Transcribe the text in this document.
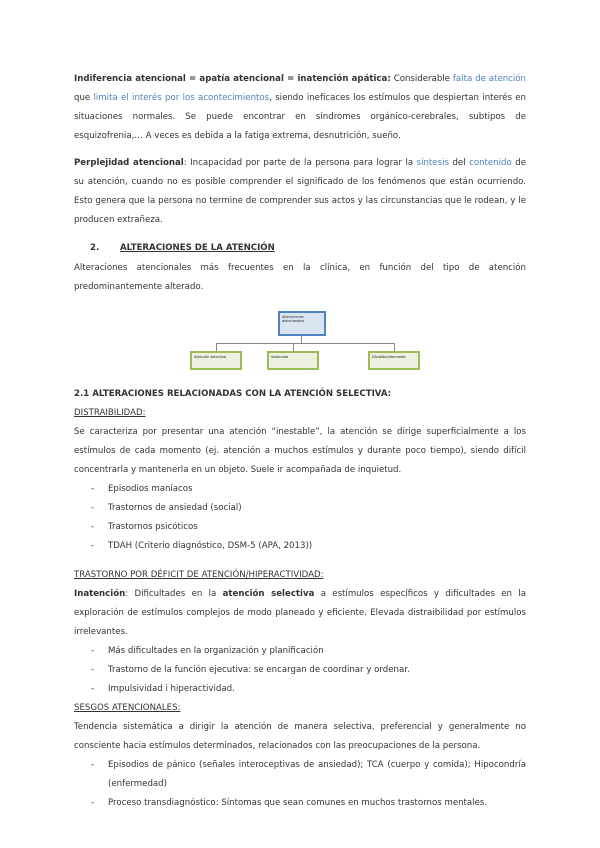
Indiferencia atencional = apatía atencional = inatención apática: Considerable falta de atención que limita el interés por los acontecimientos, siendo ineficaces los estímulos que despiertan interés en situaciones normales. Se puede encontrar en síndromes orgánico-cerebrales, subtipos de esquizofrenia,… A veces es debida a la fatiga extrema, desnutrición, sueño.

Perplejidad atencional: Incapacidad por parte de la persona para lograr la síntesis del contenido de su atención, cuando no es posible comprender el significado de los fenómenos que están ocurriendo. Esto genera que la persona no termine de comprender sus actos y las circunstancias que le rodean, y le producen extrañeza.

2. ALTERACIONES DE LA ATENCIÓN

Alteraciones atencionales más frecuentes en la clínica, en función del tipo de atención predominantemente alterado.

Alteraciones atencionales
Atención selectiva	Sostenida	Dividida/alternante

2.1 ALTERACIONES RELACIONADAS CON LA ATENCIÓN SELECTIVA:

DISTRAIBILIDAD:

Se caracteriza por presentar una atención “inestable”, la atención se dirige superficialmente a los estímulos de cada momento (ej. atención a muchos estímulos y durante poco tiempo), siendo difícil concentrarla y mantenerla en un objeto. Suele ir acompañada de inquietud.

- Episodios maníacos
- Trastornos de ansiedad (social)
- Trastornos psicóticos
- TDAH (Criterio diagnóstico, DSM-5 (APA, 2013))

TRASTORNO POR DÉFICIT DE ATENCIÓN/HIPERACTIVIDAD:

Inatención: Dificultades en la atención selectiva a estímulos específicos y dificultades en la exploración de estímulos complejos de modo planeado y eficiente. Elevada distraibilidad por estímulos irrelevantes.

- Más dificultades en la organización y planificación
- Trastorno de la función ejecutiva: se encargan de coordinar y ordenar.
- Impulsividad i hiperactividad.

SESGOS ATENCIONALES:

Tendencia sistemática a dirigir la atención de manera selectiva, preferencial y generalmente no consciente hacia estímulos determinados, relacionados con las preocupaciones de la persona.

- Episodios de pánico (señales interoceptivas de ansiedad); TCA (cuerpo y comida); Hipocondría (enfermedad)
- Proceso transdiagnóstico: Síntomas que sean comunes en muchos trastornos mentales.
